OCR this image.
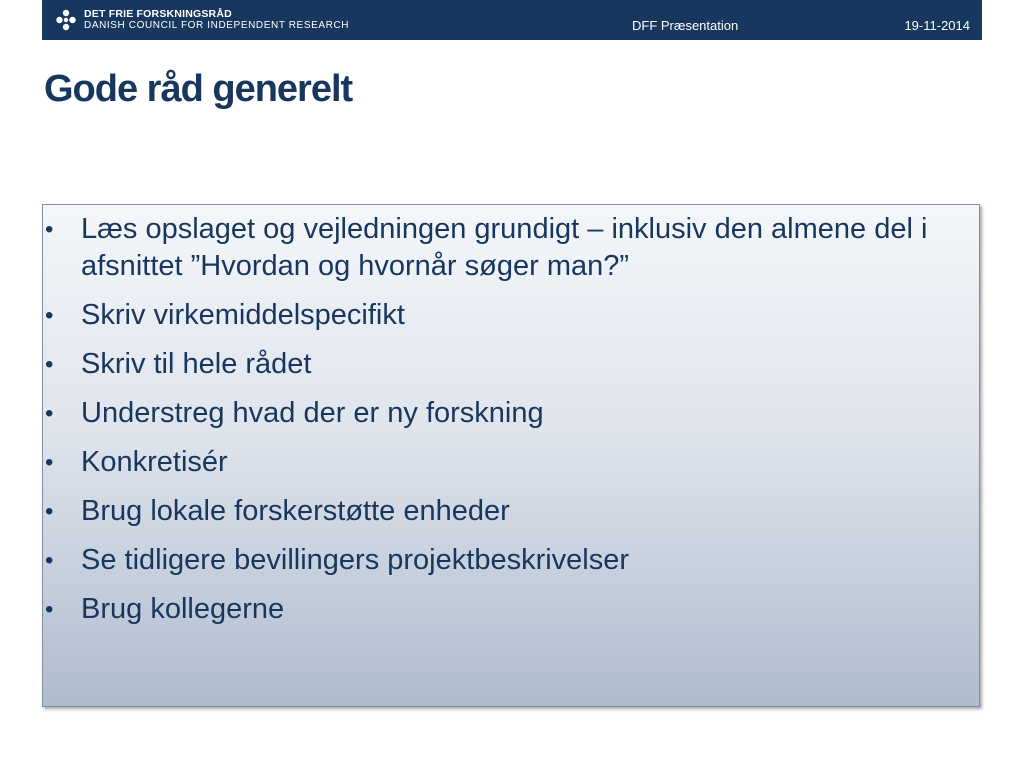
DET FRIE FORSKNINGSRÅD
DANISH COUNCIL FOR INDEPENDENT RESEARCH	DFF Præsentation	19-11-2014
Gode råd generelt
• Læs opslaget og vejledningen grundigt – inklusiv den almene del i afsnittet ”Hvordan og hvornår søger man?”
• Skriv virkemiddelspecifikt
• Skriv til hele rådet
• Understreg hvad der er ny forskning
• Konkretisér
• Brug lokale forskerstøtte enheder
• Se tidligere bevillingers projektbeskrivelser
• Brug kollegerne
